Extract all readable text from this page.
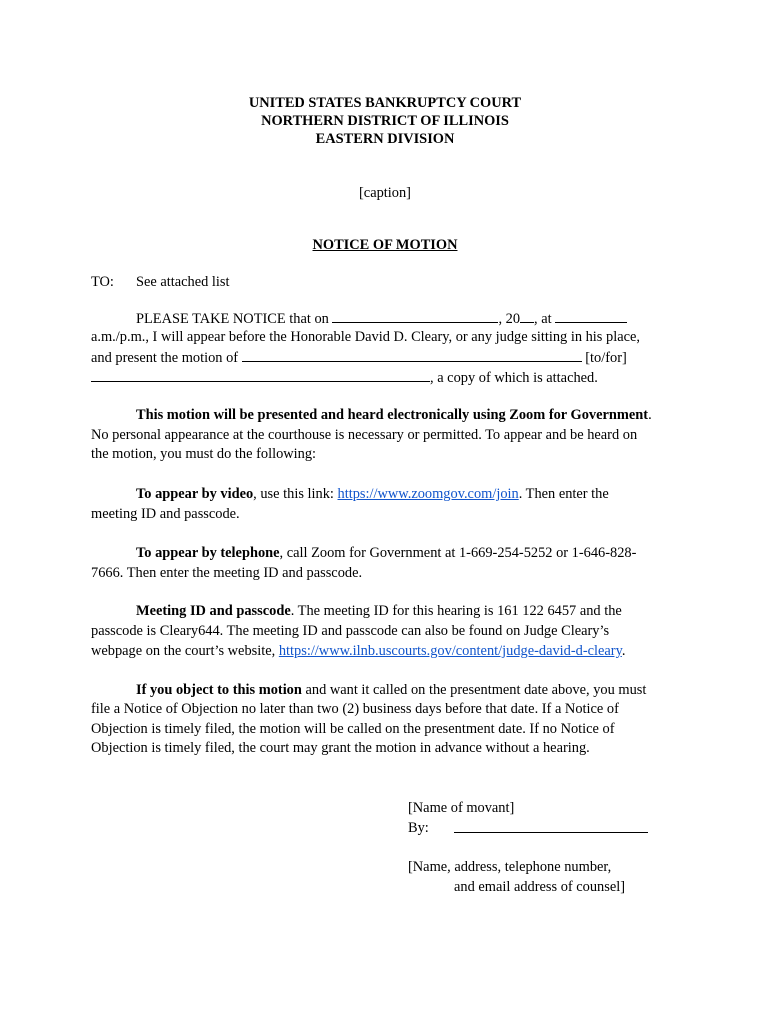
UNITED STATES BANKRUPTCY COURT
NORTHERN DISTRICT OF ILLINOIS
EASTERN DIVISION
[caption]
NOTICE OF MOTION
TO: See attached list
PLEASE TAKE NOTICE that on	, 20 , at
a.m./p.m., I will appear before the Honorable David D. Cleary, or any judge sitting in his place,
and present the motion of	[to/for]
, a copy of which is attached.
This motion will be presented and heard electronically using Zoom for Government.
No personal appearance at the courthouse is necessary or permitted. To appear and be heard on
the motion, you must do the following:
To appear by video, use this link: https://www.zoomgov.com/join. Then enter the
meeting ID and passcode.
To appear by telephone, call Zoom for Government at 1-669-254-5252 or 1-646-828-
7666. Then enter the meeting ID and passcode.
Meeting ID and passcode. The meeting ID for this hearing is 161 122 6457 and the
passcode is Cleary644. The meeting ID and passcode can also be found on Judge Cleary’s
webpage on the court’s website, https://www.ilnb.uscourts.gov/content/judge-david-d-cleary.
If you object to this motion and want it called on the presentment date above, you must
file a Notice of Objection no later than two (2) business days before that date. If a Notice of
Objection is timely filed, the motion will be called on the presentment date. If no Notice of
Objection is timely filed, the court may grant the motion in advance without a hearing.
[Name of movant]
By:
[Name, address, telephone number,
and email address of counsel]
